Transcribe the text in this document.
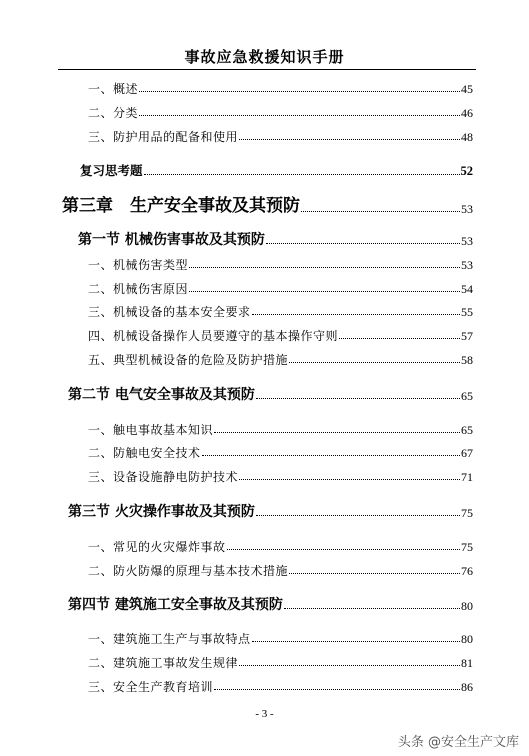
事故应急救援知识手册
一、概述	45
二、分类	46
三、防护用品的配备和使用	48
复习思考题	52
第三章　生产安全事故及其预防	53
第一节 机械伤害事故及其预防	53
一、机械伤害类型	53
二、机械伤害原因	54
三、机械设备的基本安全要求	55
四、机械设备操作人员要遵守的基本操作守则	57
五、典型机械设备的危险及防护措施	58
第二节 电气安全事故及其预防	65
一、触电事故基本知识	65
二、防触电安全技术	67
三、设备设施静电防护技术	71
第三节 火灾操作事故及其预防	75
一、常见的火灾爆炸事故	75
二、防火防爆的原理与基本技术措施	76
第四节 建筑施工安全事故及其预防	80
一、建筑施工生产与事故特点	80
二、建筑施工事故发生规律	81
三、安全生产教育培训	86
- 3 -
头条 @安全生产文库
